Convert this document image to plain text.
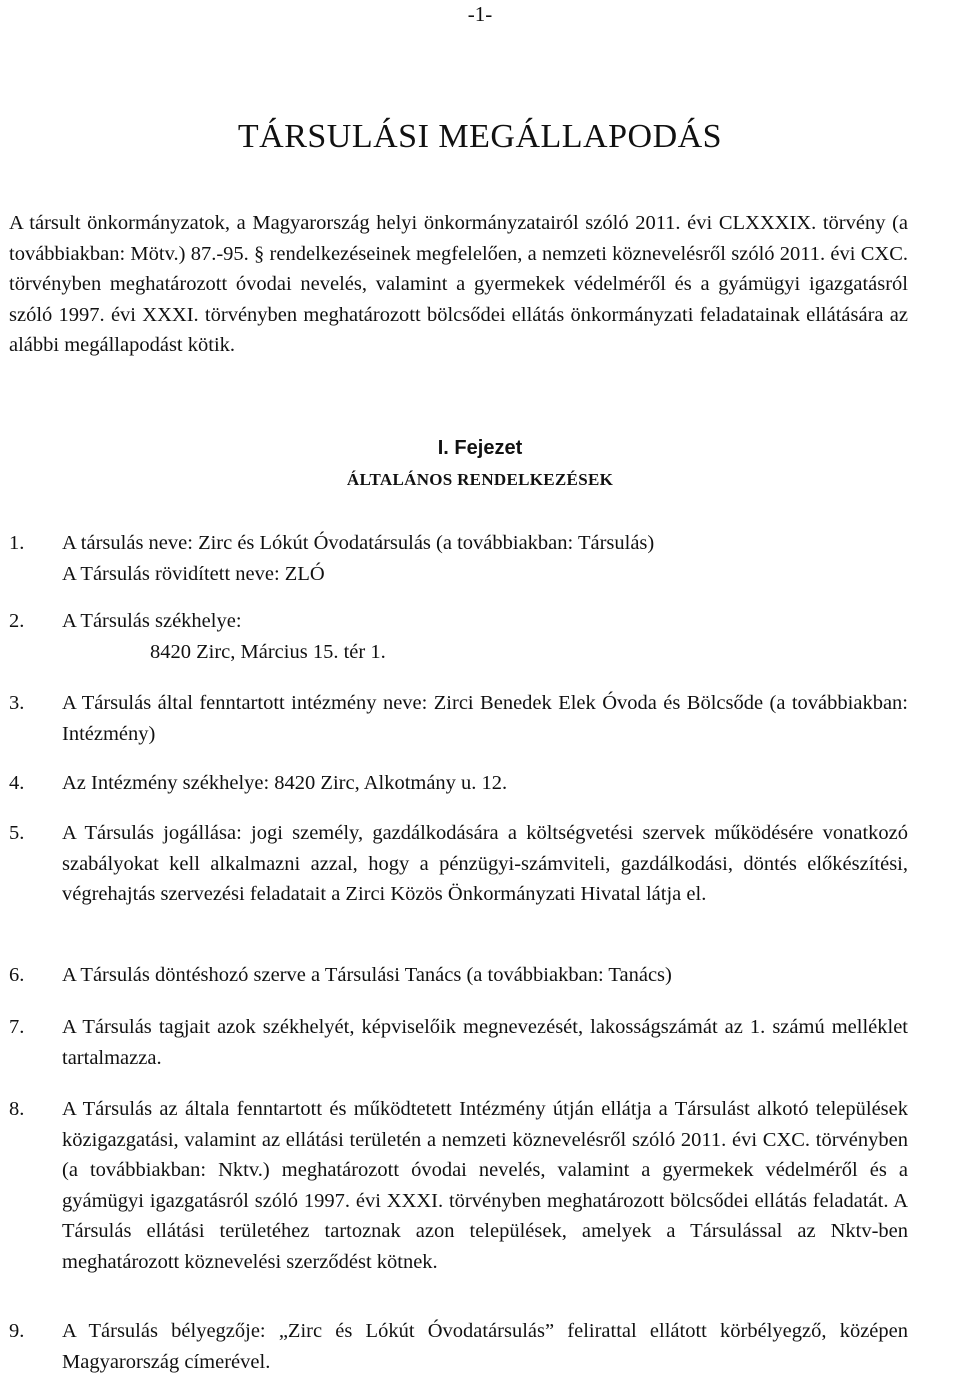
-1-
TÁRSULÁSI MEGÁLLAPODÁS
A társult önkormányzatok, a Magyarország helyi önkormányzatairól szóló 2011. évi CLXXXIX. törvény (a továbbiakban: Mötv.) 87.-95. § rendelkezéseinek megfelelően, a nemzeti köznevelésről szóló 2011. évi CXC. törvényben meghatározott óvodai nevelés, valamint a gyermekek védelméről és a gyámügyi igazgatásról szóló 1997. évi XXXI. törvényben meghatározott bölcsődei ellátás önkormányzati feladatainak ellátására az alábbi megállapodást kötik.
I. Fejezet
ÁLTALÁNOS RENDELKEZÉSEK
1. A társulás neve: Zirc és Lókút Óvodatársulás (a továbbiakban: Társulás)
A Társulás rövidített neve: ZLÓ
2. A Társulás székhelye:
8420 Zirc, Március 15. tér 1.
3. A Társulás által fenntartott intézmény neve: Zirci Benedek Elek Óvoda és Bölcsőde (a továbbiakban: Intézmény)
4. Az Intézmény székhelye: 8420 Zirc, Alkotmány u. 12.
5. A Társulás jogállása: jogi személy, gazdálkodására a költségvetési szervek működésére vonatkozó szabályokat kell alkalmazni azzal, hogy a pénzügyi-számviteli, gazdálkodási, döntés előkészítési, végrehajtás szervezési feladatait a Zirci Közös Önkormányzati Hivatal látja el.
6. A Társulás döntéshozó szerve a Társulási Tanács (a továbbiakban: Tanács)
7. A Társulás tagjait azok székhelyét, képviselőik megnevezését, lakosságszámát az 1. számú melléklet tartalmazza.
8. A Társulás az általa fenntartott és működtetett Intézmény útján ellátja a Társulást alkotó települések közigazgatási, valamint az ellátási területén a nemzeti köznevelésről szóló 2011. évi CXC. törvényben (a továbbiakban: Nktv.) meghatározott óvodai nevelés, valamint a gyermekek védelméről és a gyámügyi igazgatásról szóló 1997. évi XXXI. törvényben meghatározott bölcsődei ellátás feladatát. A Társulás ellátási területéhez tartoznak azon települések, amelyek a Társulással az Nktv-ben meghatározott köznevelési szerződést kötnek.
9. A Társulás bélyegzője: „Zirc és Lókút Óvodatársulás” felirattal ellátott körbélyegző, középen Magyarország címerével.
